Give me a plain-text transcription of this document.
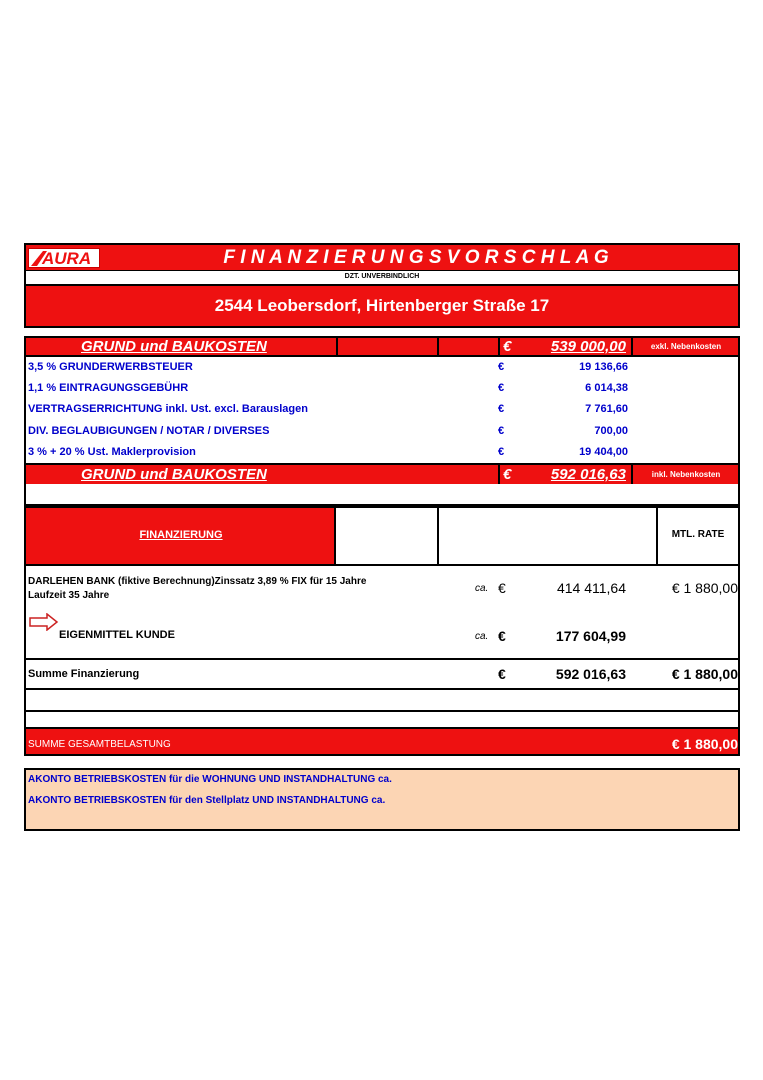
AURA	F I N A N Z I E R U N G S V O R S C H L A G
DZT. UNVERBINDLICH
2544 Leobersdorf, Hirtenberger Straße 17
GRUND und BAUKOSTEN	€	539 000,00	exkl. Nebenkosten
3,5 % GRUNDERWERBSTEUER	€	19 136,66
1,1 % EINTRAGUNGSGEBÜHR	€	6 014,38
VERTRAGSERRICHTUNG inkl. Ust. excl. Barauslagen	€	7 761,60
DIV. BEGLAUBIGUNGEN / NOTAR / DIVERSES	€	700,00
3 % + 20 % Ust. Maklerprovision	€	19 404,00
GRUND und BAUKOSTEN	€	592 016,63	inkl. Nebenkosten
FINANZIERUNG	MTL. RATE
DARLEHEN BANK (fiktive Berechnung)Zinssatz 3,89 % FIX für 15 Jahre
Laufzeit 35 Jahre
ca. €	414 411,64	€ 1 880,00
EIGENMITTEL KUNDE	ca. €	177 604,99
Summe Finanzierung	€	592 016,63	€ 1 880,00
SUMME GESAMTBELASTUNG	€ 1 880,00
AKONTO BETRIEBSKOSTEN für die WOHNUNG UND INSTANDHALTUNG ca.
AKONTO BETRIEBSKOSTEN für den Stellplatz UND INSTANDHALTUNG ca.
